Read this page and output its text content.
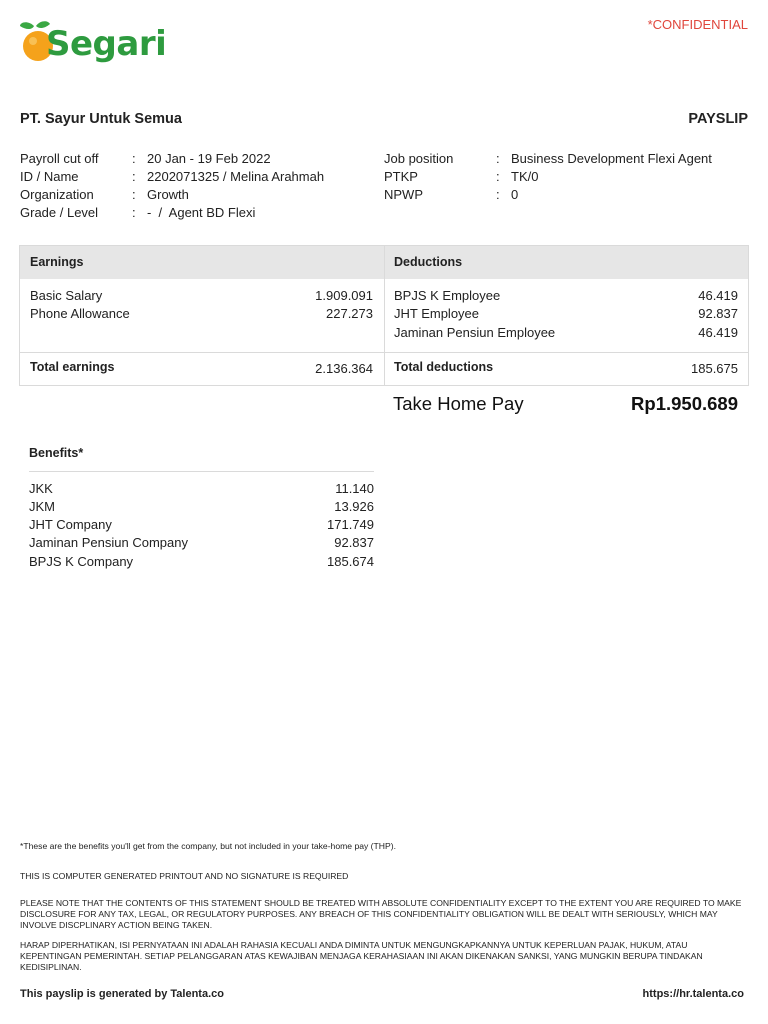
Segari	*CONFIDENTIAL
PT. Sayur Untuk Semua	PAYSLIP
Payroll cut off	: 20 Jan - 19 Feb 2022
ID / Name	: 2202071325 / Melina Arahmah
Organization	: Growth
Grade / Level	: -  /  Agent BD Flexi
Job position	: Business Development Flexi Agent
PTKP	: TK/0
NPWP	: 0
Earnings	Deductions
Basic Salary	1.909.091
Phone Allowance	227.273
BPJS K Employee	46.419
JHT Employee	92.837
Jaminan Pensiun Employee	46.419
Total earnings	2.136.364 Total deductions	185.675
Take Home Pay	Rp1.950.689
Benefits*
JKK	11.140
JKM	13.926
JHT Company	171.749
Jaminan Pensiun Company	92.837
BPJS K Company	185.674
*These are the benefits you'll get from the company, but not included in your take-home pay (THP).
THIS IS COMPUTER GENERATED PRINTOUT AND NO SIGNATURE IS REQUIRED
PLEASE NOTE THAT THE CONTENTS OF THIS STATEMENT SHOULD BE TREATED WITH ABSOLUTE CONFIDENTIALITY EXCEPT TO THE EXTENT YOU ARE REQUIRED TO MAKE DISCLOSURE FOR ANY TAX, LEGAL, OR REGULATORY PURPOSES. ANY BREACH OF THIS CONFIDENTIALITY OBLIGATION WILL BE DEALT WITH SERIOUSLY, WHICH MAY INVOLVE DISCPLINARY ACTION BEING TAKEN.
HARAP DIPERHATIKAN, ISI PERNYATAAN INI ADALAH RAHASIA KECUALI ANDA DIMINTA UNTUK MENGUNGKAPKANNYA UNTUK KEPERLUAN PAJAK, HUKUM, ATAU KEPENTINGAN PEMERINTAH. SETIAP PELANGGARAN ATAS KEWAJIBAN MENJAGA KERAHASIAAN INI AKAN DIKENAKAN SANKSI, YANG MUNGKIN BERUPA TINDAKAN KEDISIPLINAN.
This payslip is generated by Talenta.co	https://hr.talenta.co
